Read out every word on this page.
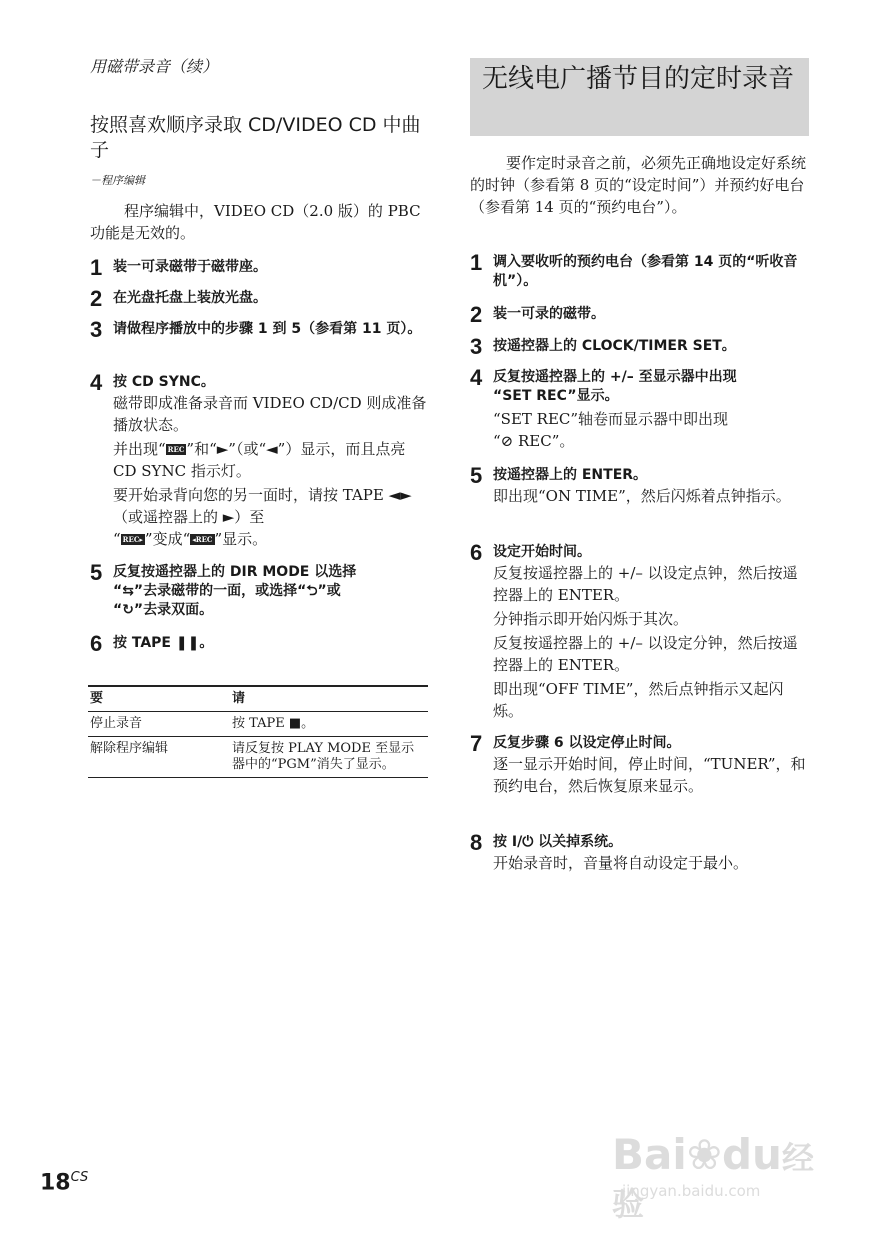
用磁带录音（续）
按照喜欢顺序录取 CD/VIDEO CD 中曲子
－程序编辑
程序编辑中，VIDEO CD（2.0 版）的 PBC 功能是无效的。
1 装一可录磁带于磁带座。
2 在光盘托盘上装放光盘。
3 请做程序播放中的步骤 1 到 5（参看第 11 页）。
4 按 CD SYNC。
磁带即成准备录音而 VIDEO CD/CD 则成准备播放状态。
并出现“ REC ”和“►”（或“◄”）显示，而且点亮 CD SYNC 指示灯。
要开始录背向您的另一面时，请按 TAPE ◄►（或遥控器上的 ►）至
“ REC▸ ”变成“ ◂REC ”显示。
5 反复按遥控器上的 DIR MODE 以选择
“⇆”去录磁带的一面，或选择“⮌”或
“↻”去录双面。
6 按 TAPE ❚❚。
要	请
停止录音	按 TAPE ■。
解除程序编辑	请反复按 PLAY MODE 至显示器中的“PGM”消失了显示。
无线电广播节目的定时录音
要作定时录音之前，必须先正确地设定好系统的时钟（参看第 8 页的“设定时间”）并预约好电台（参看第 14 页的“预约电台”）。
1 调入要收听的预约电台（参看第 14 页的“听收音机”）。
2 装一可录的磁带。
3 按遥控器上的 CLOCK/TIMER SET。
4 反复按遥控器上的 +/– 至显示器中出现
“SET REC”显示。
“SET REC”轴卷而显示器中即出现
“⊘ REC”。
5 按遥控器上的 ENTER。
即出现“ON TIME”，然后闪烁着点钟指示。
6 设定开始时间。
反复按遥控器上的 +/– 以设定点钟，然后按遥控器上的 ENTER。
分钟指示即开始闪烁于其次。
反复按遥控器上的 +/– 以设定分钟，然后按遥控器上的 ENTER。
即出现“OFF TIME”，然后点钟指示又起闪烁。
7 反复步骤 6 以设定停止时间。
逐一显示开始时间，停止时间，“TUNER”，和预约电台，然后恢复原来显示。
8 按 I/⏻ 以关掉系统。
开始录音时，音量将自动设定于最小。
$18^{CS}$	Bai❀du经验
jingyan.baidu.com
